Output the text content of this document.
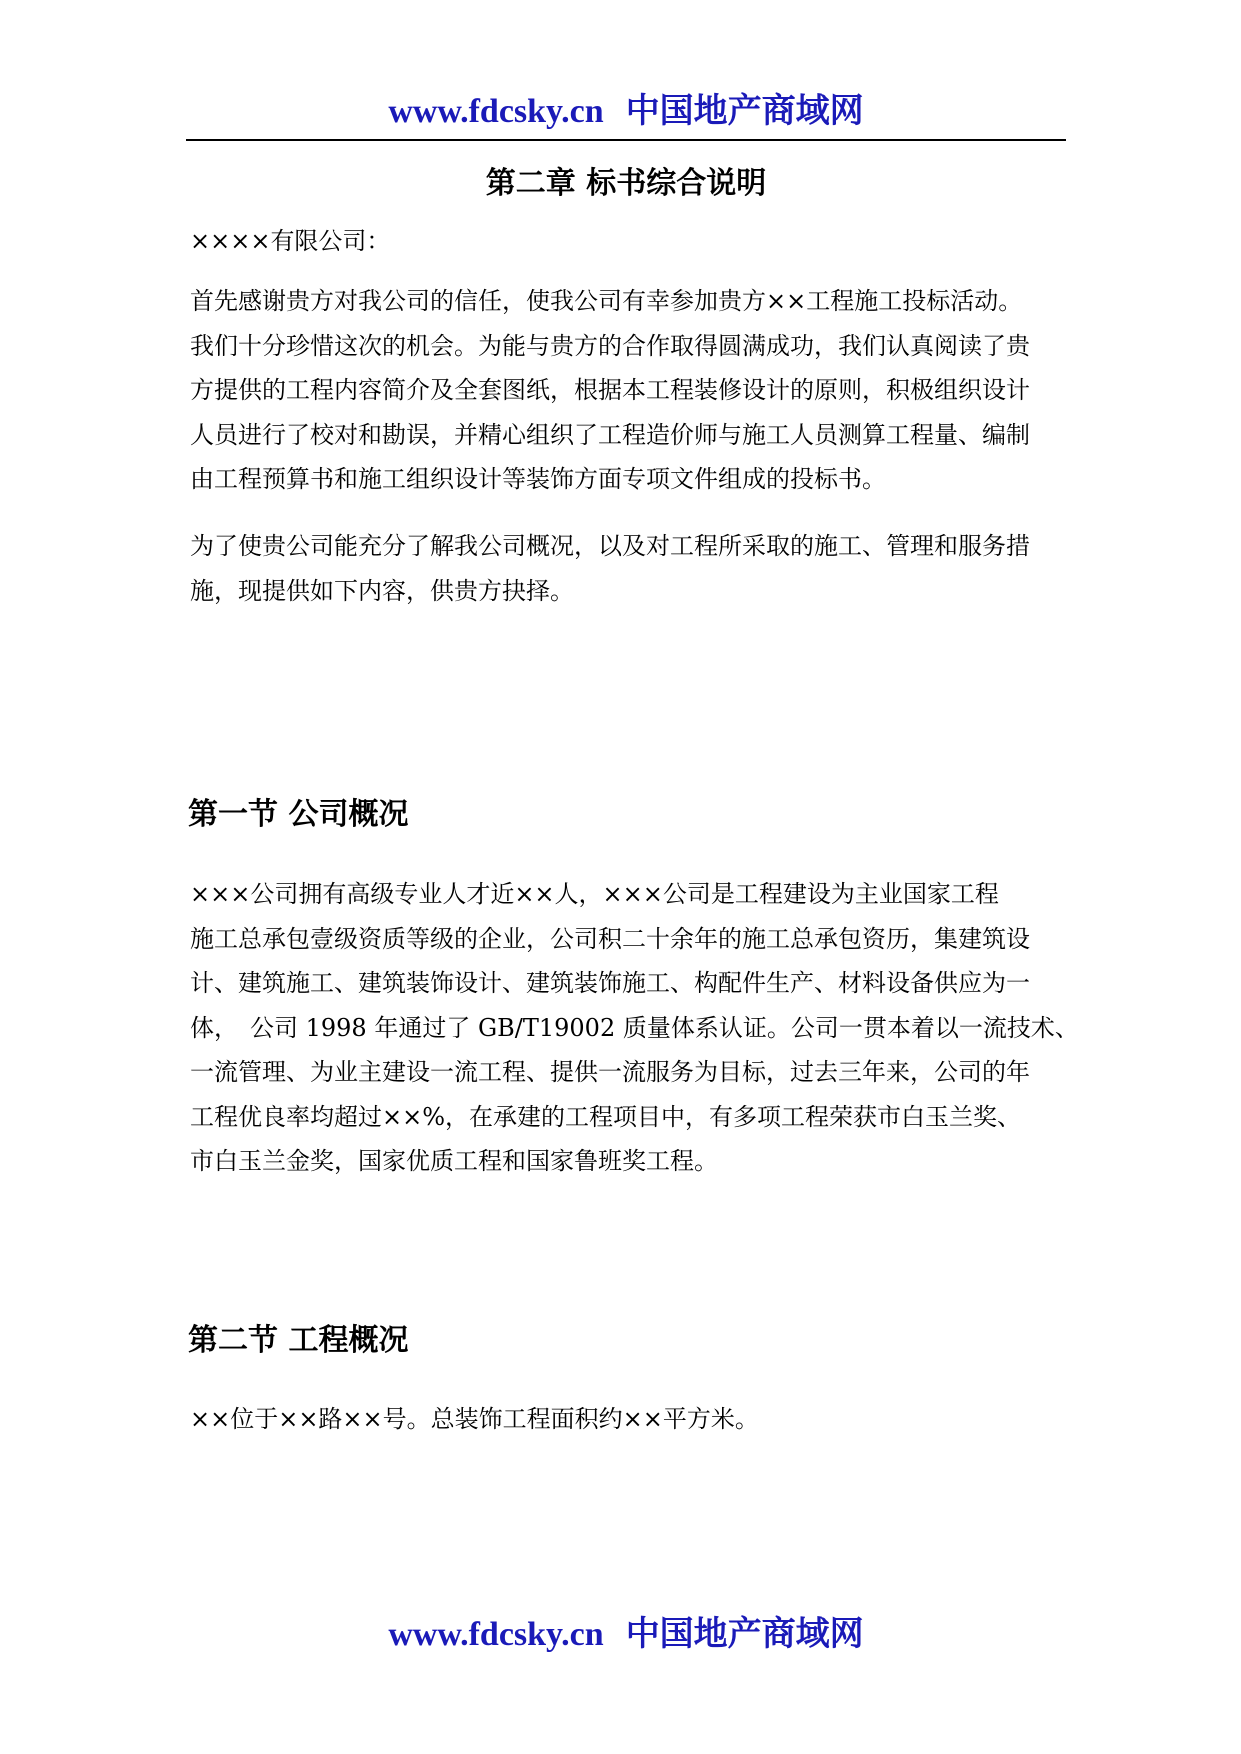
www.fdcsky.cn 中国地产商域网
第二章 标书综合说明

××××有限公司：

首先感谢贵方对我公司的信任，使我公司有幸参加贵方××工程施工投标活动。
我们十分珍惜这次的机会。为能与贵方的合作取得圆满成功，我们认真阅读了贵
方提供的工程内容简介及全套图纸，根据本工程装修设计的原则，积极组织设计
人员进行了校对和勘误，并精心组织了工程造价师与施工人员测算工程量、编制
由工程预算书和施工组织设计等装饰方面专项文件组成的投标书。

为了使贵公司能充分了解我公司概况，以及对工程所采取的施工、管理和服务措
施，现提供如下内容，供贵方抉择。

第一节 公司概况

×××公司拥有高级专业人才近××人，×××公司是工程建设为主业国家工程
施工总承包壹级资质等级的企业，公司积二十余年的施工总承包资历，集建筑设
计、建筑施工、建筑装饰设计、建筑装饰施工、构配件生产、材料设备供应为一
体，　公司 1998 年通过了 GB/T19002 质量体系认证。公司一贯本着以一流技术、
一流管理、为业主建设一流工程、提供一流服务为目标，过去三年来，公司的年
工程优良率均超过××%，在承建的工程项目中，有多项工程荣获市白玉兰奖、
市白玉兰金奖，国家优质工程和国家鲁班奖工程。

第二节 工程概况

××位于××路××号。总装饰工程面积约××平方米。

www.fdcsky.cn 中国地产商域网
